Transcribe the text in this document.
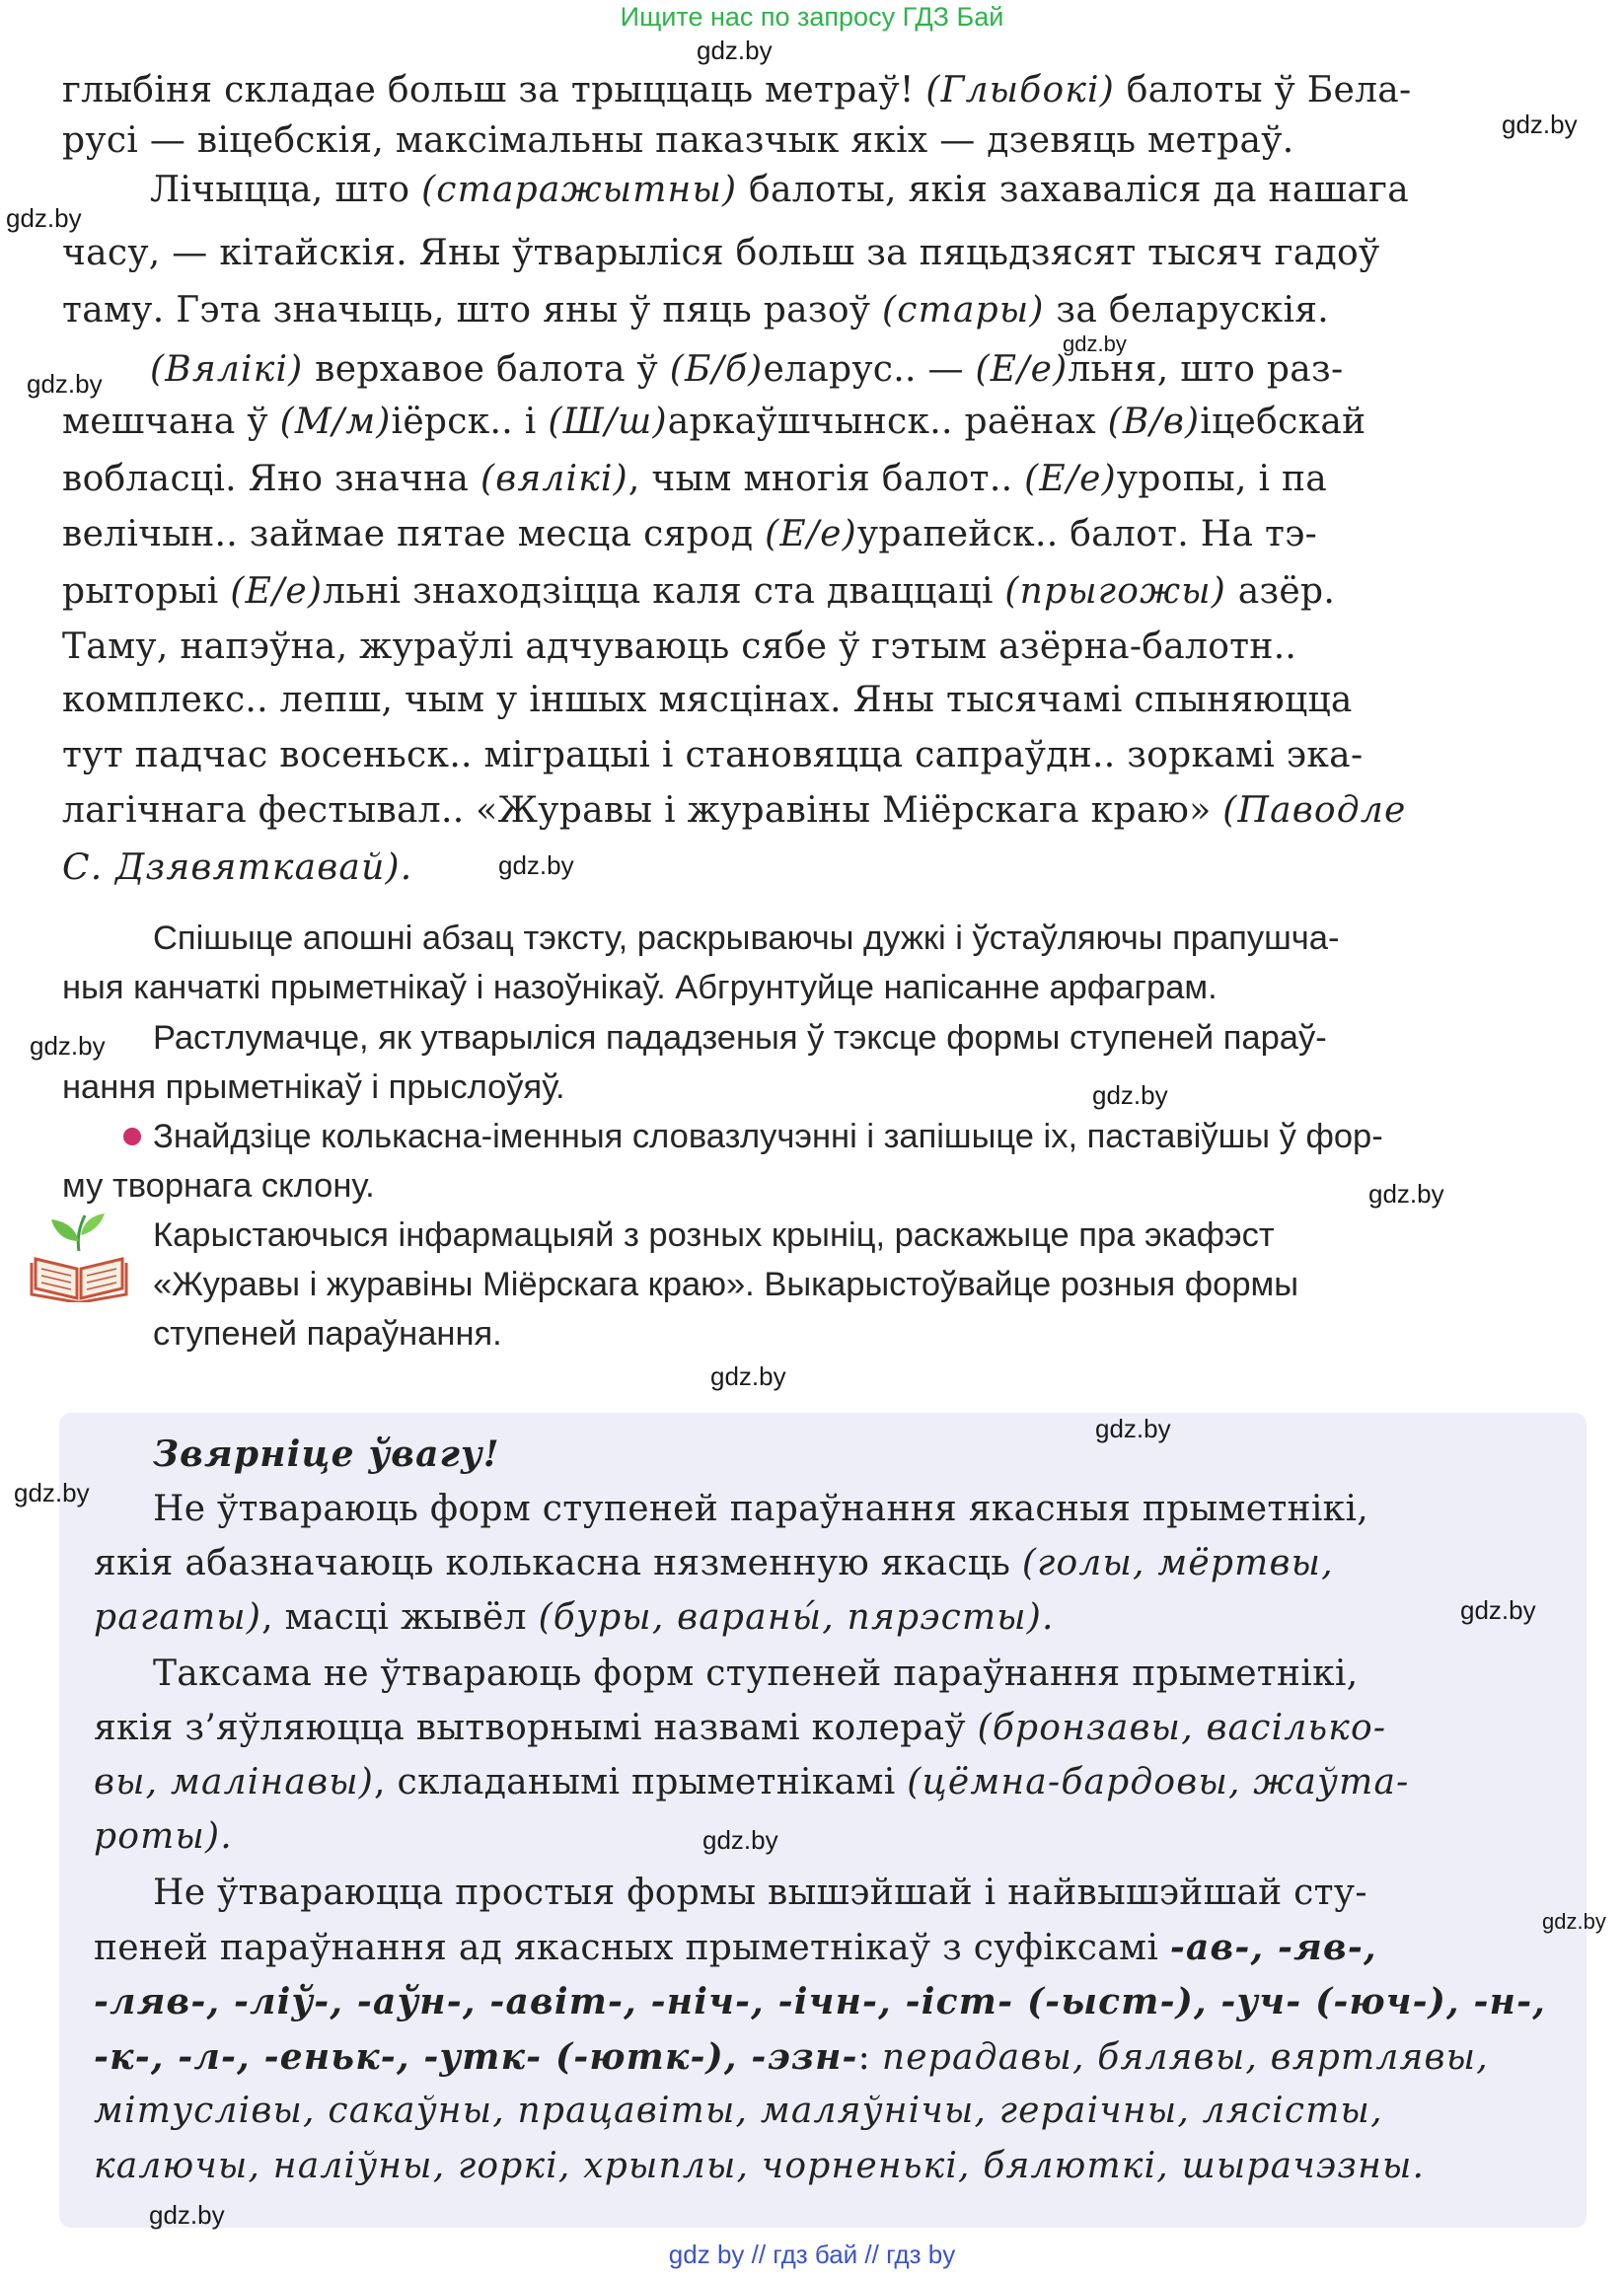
Ищите нас по запросу ГДЗ Бай
глыбіня складае больш за трыццаць метраў! (Глыбокі) балоты ў Бела-
русі — віцебскія, максімальны паказчык якіх — дзевяць метраў.
Лічыцца, што (старажытны) балоты, якія захаваліся да нашага
часу, — кітайскія. Яны ўтварыліся больш за пяцьдзясят тысяч гадоў
таму. Гэта значыць, што яны ў пяць разоў (стары) за беларускія.
(Вялікі) верхавое балота ў (Б/б)еларус.. — (Е/е)льня, што раз-
мешчана ў (М/м)іёрск.. і (Ш/ш)аркаўшчынск.. раёнах (В/в)іцебскай
вобласці. Яно значна (вялікі), чым многія балот.. (Е/е)уропы, і па
велічын.. займае пятае месца сярод (Е/е)урапейск.. балот. На тэ-
рыторыі (Е/е)льні знаходзіцца каля ста дваццаці (прыгожы) азёр.
Таму, напэўна, жураўлі адчуваюць сябе ў гэтым азёрна-балотн..
комплекс.. лепш, чым у іншых мясцінах. Яны тысячамі спыняюцца
тут падчас восеньск.. міграцыі і становяцца сапраўдн.. зоркамі эка-
лагічнага фестывал.. «Журавы і журавіны Міёрскага краю» (Паводле
С. Дзявяткавай).
Спішыце апошні абзац тэксту, раскрываючы дужкі і ўстаўляючы прапушча-
ныя канчаткі прыметнікаў і назоўнікаў. Абгрунтуйце напісанне арфаграм.
Растлумачце, як утварыліся пададзеныя ў тэксце формы ступеней параў-
нання прыметнікаў і прыслоўяў.
Знайдзіце колькасна-іменныя словазлучэнні і запішыце іх, паставіўшы ў фор-
му творнага склону.
Карыстаючыся інфармацыяй з розных крыніц, раскажыце пра экафэст
«Журавы і журавіны Міёрскага краю». Выкарыстоўвайце розныя формы
ступеней параўнання.
Звярніце ўвагу!
Не ўтвараюць форм ступеней параўнання якасныя прыметнікі,
якія абазначаюць колькасна нязменную якасць (голы, мёртвы,
рагаты), масці жывёл (буры, вараны́, пярэсты).
Таксама не ўтвараюць форм ступеней параўнання прыметнікі,
якія з’яўляюцца вытворнымі назвамі колераў (бронзавы, васілько-
вы, малінавы), складанымі прыметнікамі (цёмна-бардовы, жаўта-
роты).
Не ўтвараюцца простыя формы вышэйшай і найвышэйшай сту-
пеней параўнання ад якасных прыметнікаў з суфіксамі -ав-, -яв-,
-ляв-, -ліў-, -аўн-, -авіт-, -ніч-, -ічн-, -іст- (-ыст-), -уч- (-юч-), -н-,
-к-, -л-, -еньк-, -утк- (-ютк-), -эзн-: перадавы, бялявы, вяртлявы,
мітуслівы, сакаўны, працавіты, маляўнічы, гераічны, лясісты,
калючы, наліўны, горкі, хрыплы, чорненькі, бялюткі, шырачэзны.
gdz.by
gdz.by
gdz.by
gdz.by
gdz.by
gdz.by
gdz.by
gdz.by
gdz.by
gdz.by
gdz.by
gdz.by
gdz.by
gdz.by
gdz.by
gdz.by
gdz by // гдз бай // гдз by
